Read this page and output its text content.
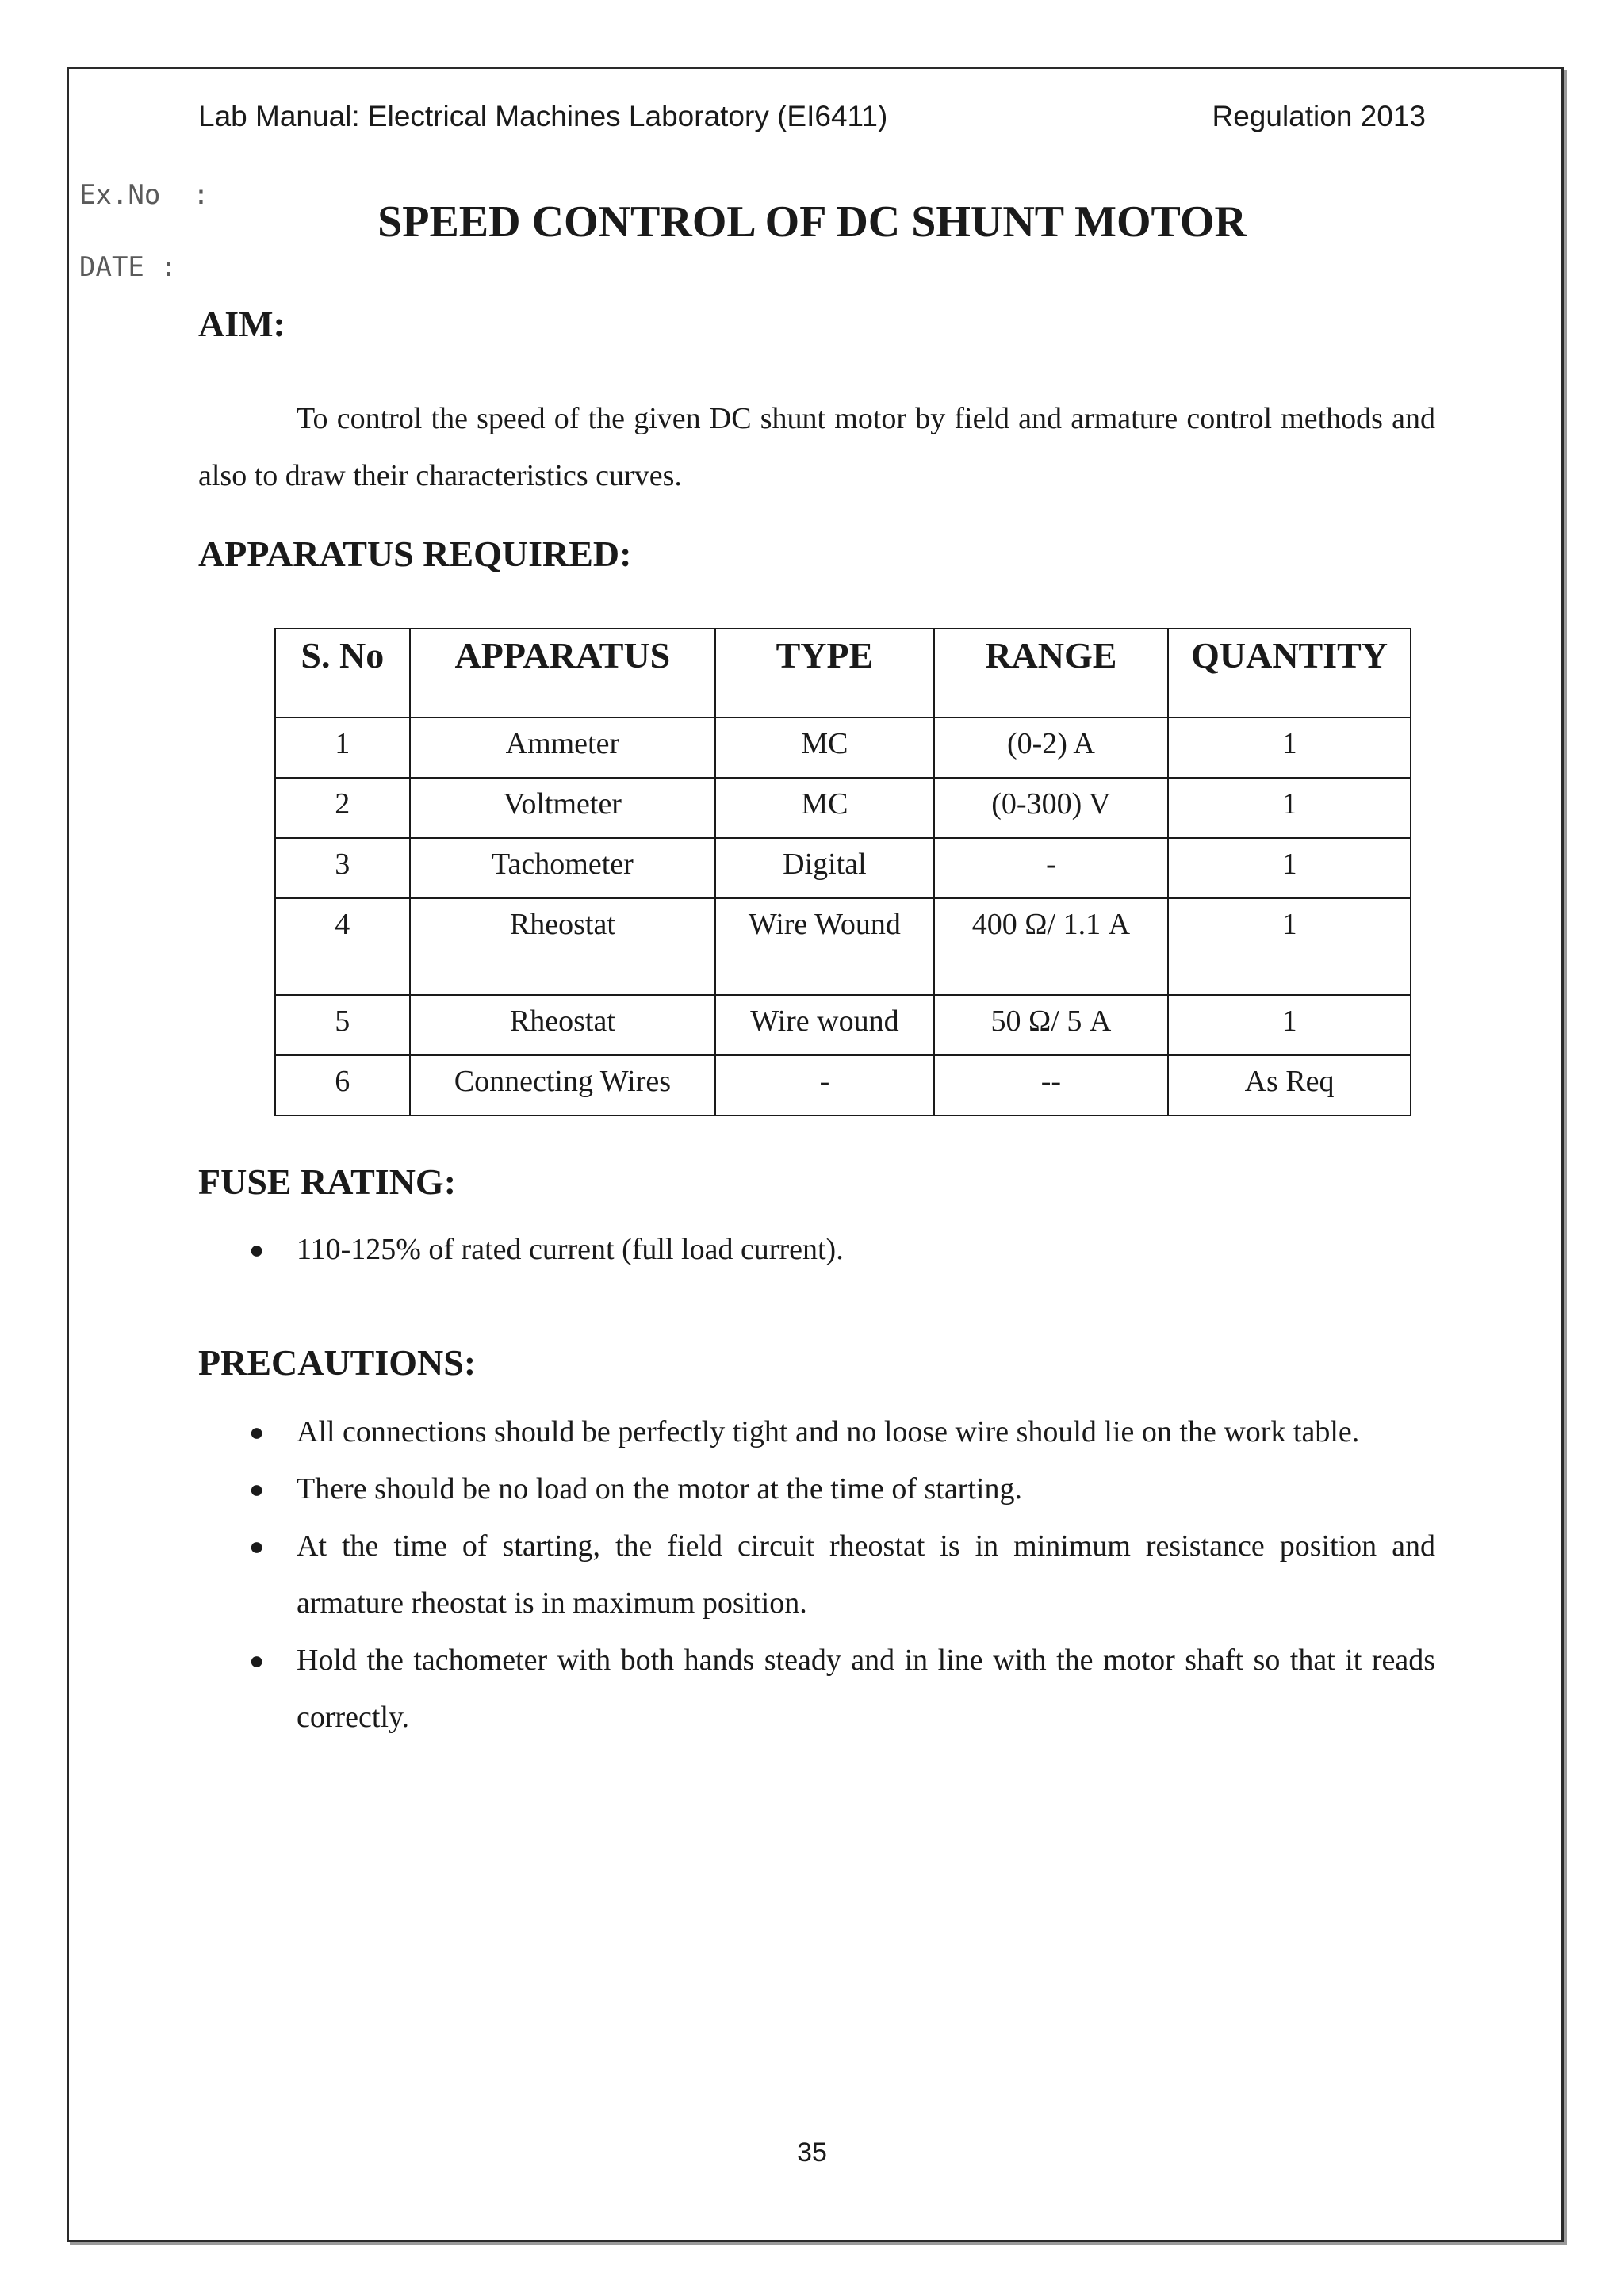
Lab Manual: Electrical Machines Laboratory (EI6411)	Regulation 2013
Ex.No  :
DATE :
SPEED CONTROL OF DC SHUNT MOTOR
AIM:

To control the speed of the given DC shunt motor by field and armature control methods and also to draw their characteristics curves.

APPARATUS REQUIRED:
S. No	APPARATUS	TYPE	RANGE	QUANTITY
1	Ammeter	MC	(0-2) A	1
2	Voltmeter	MC	(0-300) V	1
3	Tachometer	Digital	-	1
4	Rheostat	Wire Wound	400 Ω/ 1.1 A	1
5	Rheostat	Wire wound	50 Ω/ 5 A	1
6	Connecting Wires	-	--	As Req
FUSE RATING:
● 110-125% of rated current (full load current).
PRECAUTIONS:
● All connections should be perfectly tight and no loose wire should lie on the work table.
● There should be no load on the motor at the time of starting.
● At the time of starting, the field circuit rheostat is in minimum resistance position and armature rheostat is in maximum position.
● Hold the tachometer with both hands steady and in line with the motor shaft so that it reads correctly.
35
